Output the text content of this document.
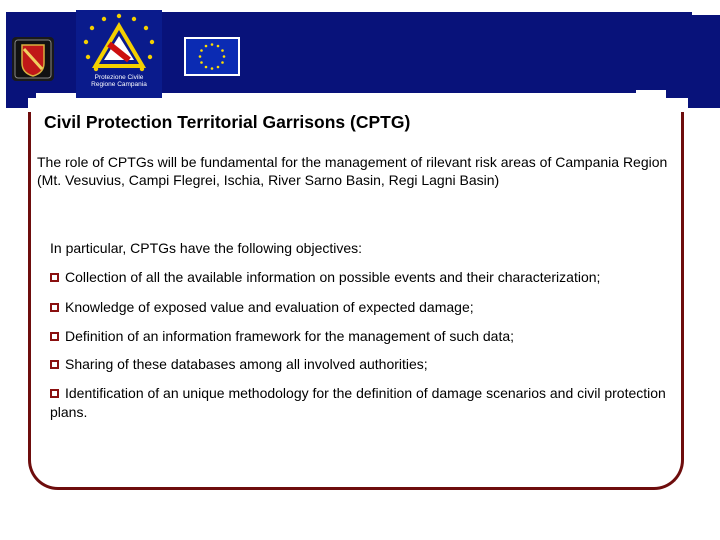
Protezione Civile
Regione Campania
Civil Protection Territorial Garrisons (CPTG)
The role of CPTGs will be fundamental for the management of rilevant risk areas of Campania Region (Mt. Vesuvius, Campi Flegrei, Ischia, River Sarno Basin, Regi Lagni Basin)
In particular, CPTGs have the following objectives:
Collection of all the available information on possible events and their characterization;
Knowledge of exposed value and evaluation of expected damage;
Definition of an information framework for the management of such data;
Sharing of these databases among all involved authorities;
Identification of an unique methodology for the definition of damage scenarios and civil protection plans.
